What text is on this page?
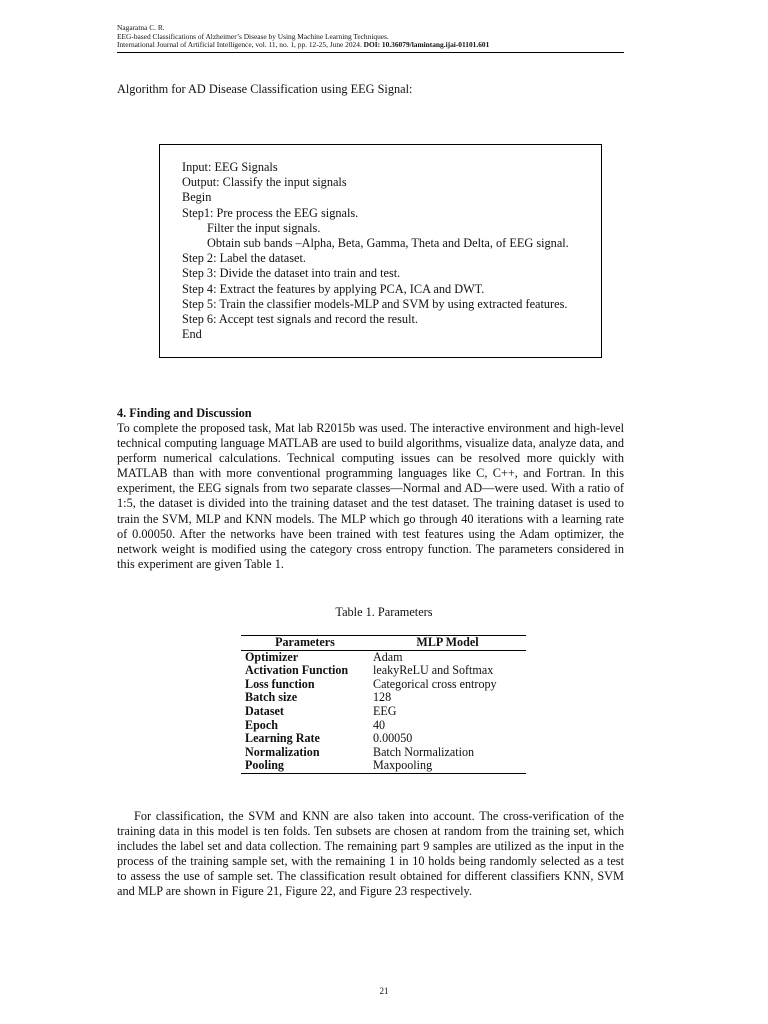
Nagaratna C. R.
EEG-based Classifications of Alzheimer’s Disease by Using Machine Learning Techniques.
International Journal of Artificial Intelligence, vol. 11, no. 1, pp. 12-25, June 2024. DOI: 10.36079/lamintang.ijai-01101.601
Algorithm for AD Disease Classification using EEG Signal:
Input: EEG Signals
Output: Classify the input signals
Begin
Step1: Pre process the EEG signals.
Filter the input signals.
Obtain sub bands –Alpha, Beta, Gamma, Theta and Delta, of EEG signal.
Step 2: Label the dataset.
Step 3: Divide the dataset into train and test.
Step 4: Extract the features by applying PCA, ICA and DWT.
Step 5: Train the classifier models-MLP and SVM by using extracted features.
Step 6: Accept test signals and record the result.
End
4. Finding and Discussion
To complete the proposed task, Mat lab R2015b was used. The interactive environment and high-level technical computing language MATLAB are used to build algorithms, visualize data, analyze data, and perform numerical calculations. Technical computing issues can be resolved more quickly with MATLAB than with more conventional programming languages like C, C++, and Fortran. In this experiment, the EEG signals from two separate classes—Normal and AD—were used. With a ratio of 1:5, the dataset is divided into the training dataset and the test dataset. The training dataset is used to train the SVM, MLP and KNN models. The MLP which go through 40 iterations with a learning rate of 0.00050. After the networks have been trained with test features using the Adam optimizer, the network weight is modified using the category cross entropy function. The parameters considered in this experiment are given Table 1.
Table 1. Parameters
Parameters	MLP Model
Optimizer	Adam
Activation Function	leakyReLU and Softmax
Loss function	Categorical cross entropy
Batch size	128
Dataset	EEG
Epoch	40
Learning Rate	0.00050
Normalization	Batch Normalization
Pooling	Maxpooling
For classification, the SVM and KNN are also taken into account. The cross-verification of the training data in this model is ten folds. Ten subsets are chosen at random from the training set, which includes the label set and data collection. The remaining part 9 samples are utilized as the input in the process of the training sample set, with the remaining 1 in 10 holds being randomly selected as a test to assess the use of sample set. The classification result obtained for different classifiers KNN, SVM and MLP are shown in Figure 21, Figure 22, and Figure 23 respectively.
21
